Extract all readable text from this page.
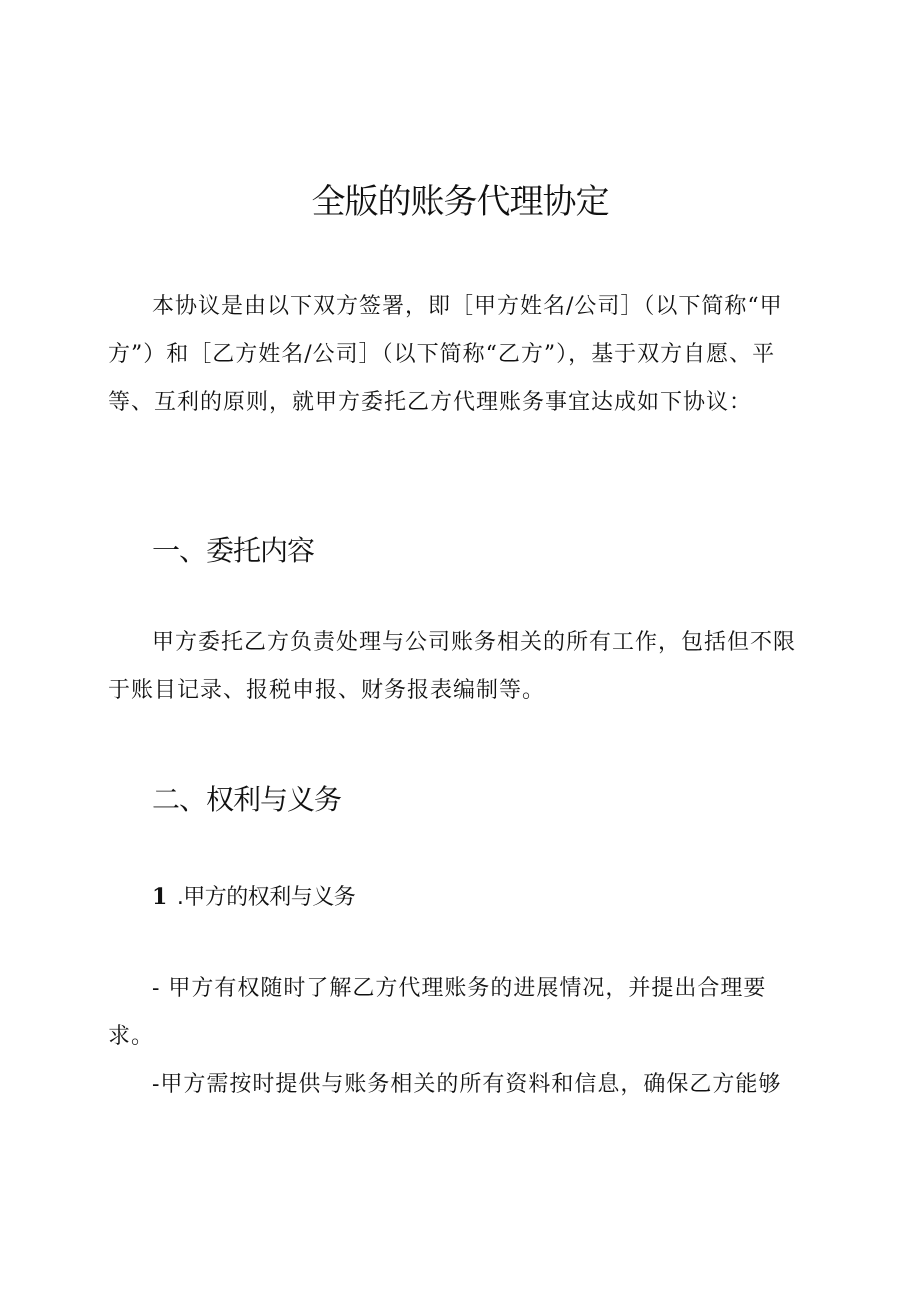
全版的账务代理协定

本协议是由以下双方签署，即［甲方姓名/公司］（以下简称“甲方”）和［乙方姓名/公司］（以下简称“乙方”），基于双方自愿、平等、互利的原则，就甲方委托乙方代理账务事宜达成如下协议：

一、委托内容

甲方委托乙方负责处理与公司账务相关的所有工作，包括但不限于账目记录、报税申报、财务报表编制等。

二、权利与义务
1 .甲方的权利与义务

- 甲方有权随时了解乙方代理账务的进展情况，并提出合理要求。

-甲方需按时提供与账务相关的所有资料和信息，确保乙方能够
